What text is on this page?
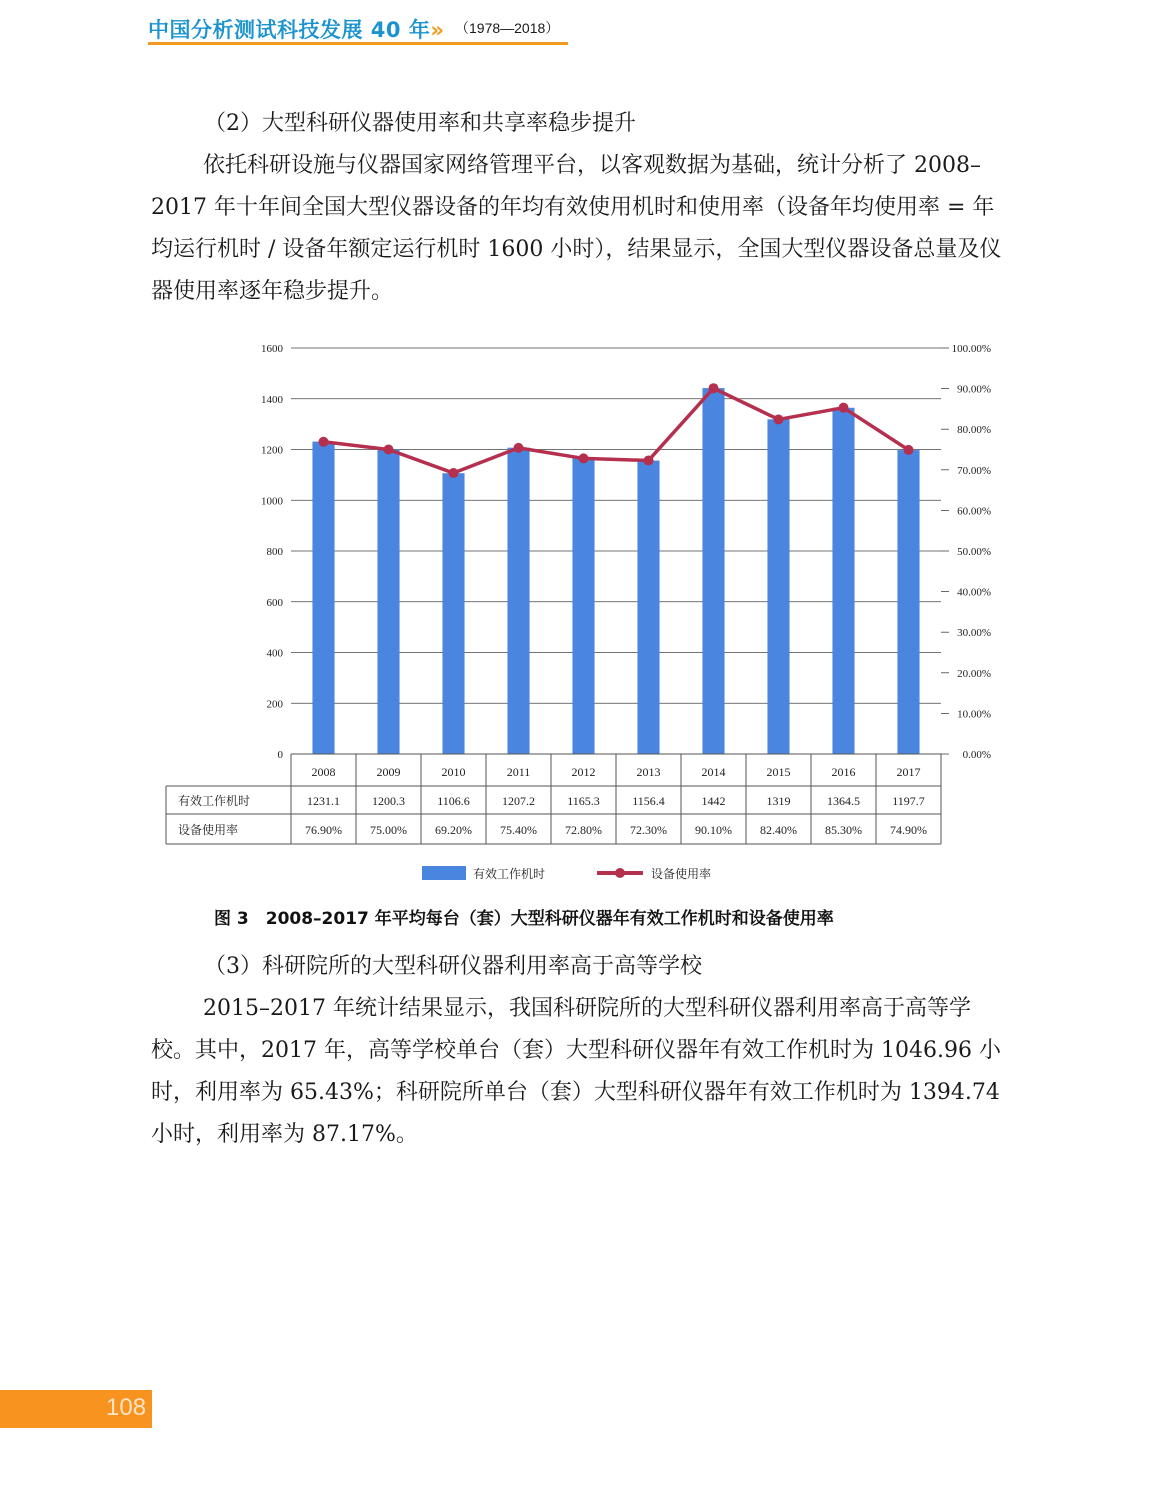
中国分析测试科技发展 40 年» （1978—2018）

（2）大型科研仪器使用率和共享率稳步提升

依托科研设施与仪器国家网络管理平台，以客观数据为基础，统计分析了 2008–2017 年十年间全国大型仪器设备的年均有效使用机时和使用率（设备年均使用率 = 年均运行机时 / 设备年额定运行机时 1600 小时），结果显示，全国大型仪器设备总量及仪器使用率逐年稳步提升。

0
200
400
600
800
1000
1200
1400
1600
0.00%
10.00%
20.00%
30.00%
40.00%
50.00%
60.00%
70.00%
80.00%
90.00%
100.00%
有效工作机时
设备使用率
2008
1231.1
76.90%
2009
1200.3
75.00%
2010
1106.6
69.20%
2011
1207.2
75.40%
2012
1165.3
72.80%
2013
1156.4
72.30%
2014
1442
90.10%
2015
1319
82.40%
2016
1364.5
85.30%
2017
1197.7
74.90%
有效工作机时	设备使用率
图 3　2008–2017 年平均每台（套）大型科研仪器年有效工作机时和设备使用率

（3）科研院所的大型科研仪器利用率高于高等学校

2015–2017 年统计结果显示，我国科研院所的大型科研仪器利用率高于高等学校。其中，2017 年，高等学校单台（套）大型科研仪器年有效工作机时为 1046.96 小时，利用率为 65.43%；科研院所单台（套）大型科研仪器年有效工作机时为 1394.74 小时，利用率为 87.17%。

108
